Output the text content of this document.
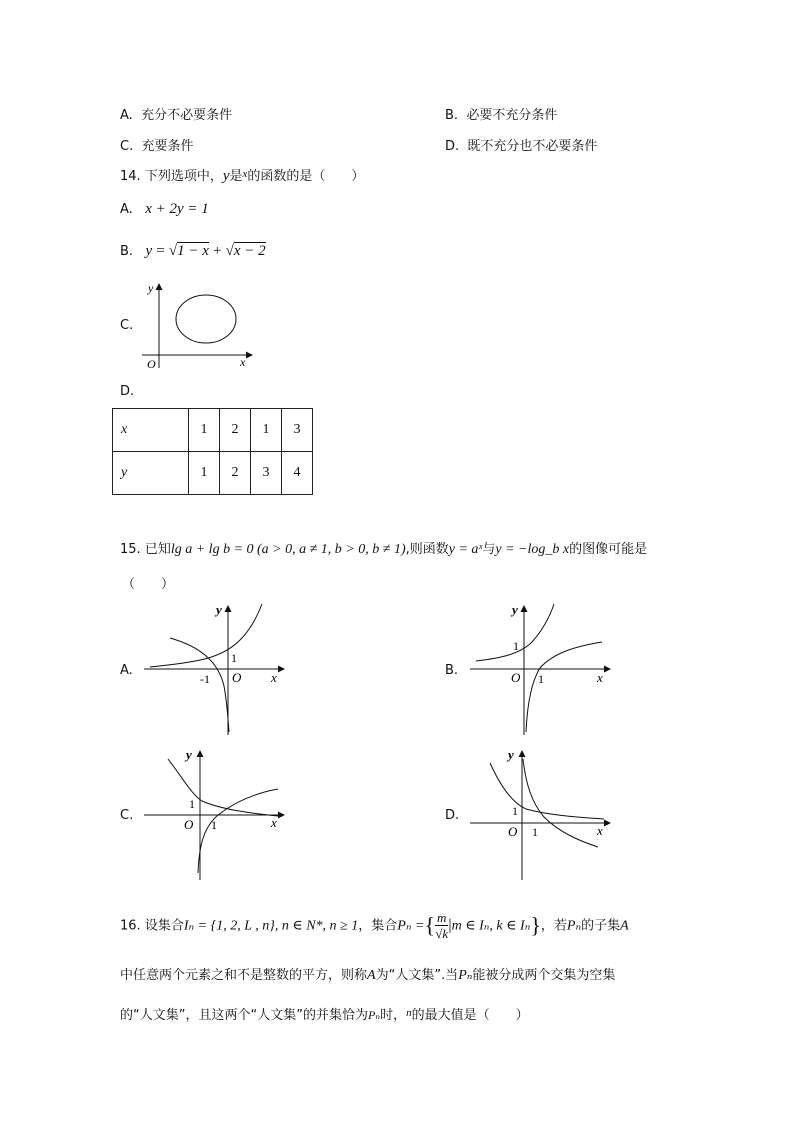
A. 充分不必要条件	B. 必要不充分条件
C. 充要条件	D. 既不充分也不必要条件
14. 下列选项中，y是$^x$的函数的是（　　）
A. x + 2y = 1
B. y = √1 − x + √x − 2
C.
y
x
O
D.
x	1	2	1	3
y	1	2	3	4
15. 已知lg a + lg b = 0 (a > 0, a ≠ 1, b > 0, b ≠ 1),则函数y = aˣ与y = −log_b x的图像可能是
（　　）
A.
y
x
O
1
-1
B.
y
x
O
1
1
C.
y
x
O
1
1
D.
y
x
O
1
1
16. 设集合Iₙ = {1, 2, L , n}, n ∈ N*, n ≥ 1，集合Pₙ ={ $\frac{m}{√k} |m$ ∈ Iₙ, k ∈ Iₙ}，若Pₙ的子集A
中任意两个元素之和不是整数的平方，则称A为“人文集”.当Pₙ能被分成两个交集为空集
的“人文集”，且这两个“人文集”的并集恰为Pₙ时，$^n$的最大值是（　　）
